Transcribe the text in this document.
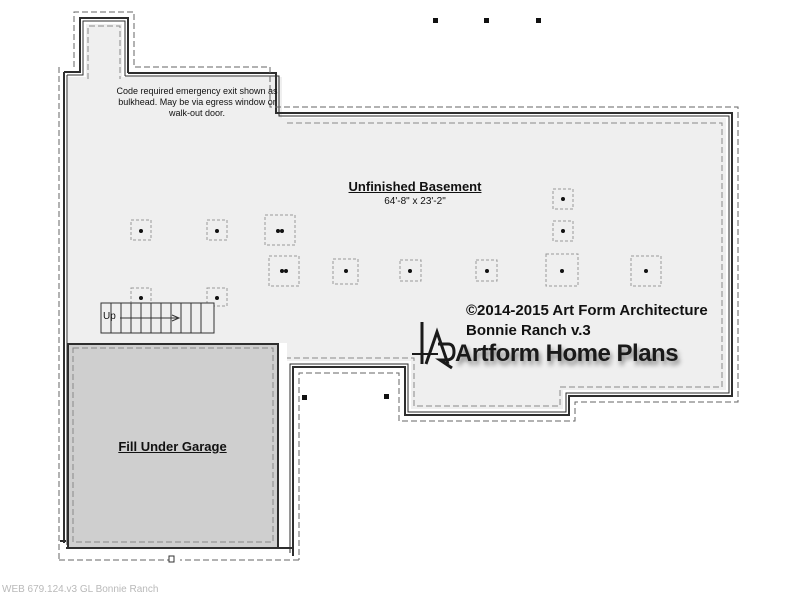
Code required emergency exit shown as bulkhead. May be via egress window or walk-out door.
Unfinished Basement
64'-8" x 23'-2"
Fill Under Garage
Up	©2014-2015 Art Form Architecture
Bonnie Ranch v.3
Artform Home Plans
WEB 679.124.v3 GL Bonnie Ranch
